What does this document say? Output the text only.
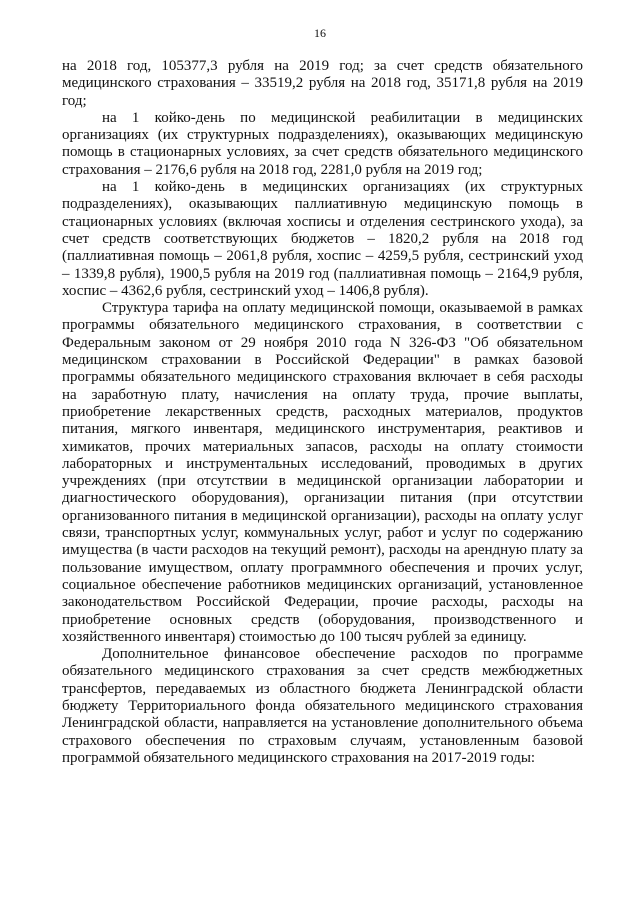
16

на 2018 год, 105377,3 рубля на 2019 год; за счет средств обязательного медицинского страхования – 33519,2 рубля на 2018 год, 35171,8 рубля на 2019 год;

на 1 койко-день по медицинской реабилитации в медицинских организациях (их структурных подразделениях), оказывающих медицинскую помощь в стационарных условиях, за счет средств обязательного медицинского страхования – 2176,6 рубля на 2018 год, 2281,0 рубля на 2019 год;

на 1 койко-день в медицинских организациях (их структурных подразделениях), оказывающих паллиативную медицинскую помощь в стационарных условиях (включая хосписы и отделения сестринского ухода), за счет средств соответствующих бюджетов – 1820,2 рубля на 2018 год (паллиативная помощь – 2061,8 рубля, хоспис – 4259,5 рубля, сестринский уход – 1339,8 рубля), 1900,5 рубля на 2019 год (паллиативная помощь – 2164,9 рубля, хоспис – 4362,6 рубля, сестринский уход – 1406,8 рубля).

Структура тарифа на оплату медицинской помощи, оказываемой в рамках программы обязательного медицинского страхования, в соответствии с Федеральным законом от 29 ноября 2010 года N 326-ФЗ "Об обязательном медицинском страховании в Российской Федерации" в рамках базовой программы обязательного медицинского страхования включает в себя расходы на заработную плату, начисления на оплату труда, прочие выплаты, приобретение лекарственных средств, расходных материалов, продуктов питания, мягкого инвентаря, медицинского инструментария, реактивов и химикатов, прочих материальных запасов, расходы на оплату стоимости лабораторных и инструментальных исследований, проводимых в других учреждениях (при отсутствии в медицинской организации лаборатории и диагностического оборудования), организации питания (при отсутствии организованного питания в медицинской организации), расходы на оплату услуг связи, транспортных услуг, коммунальных услуг, работ и услуг по содержанию имущества (в части расходов на текущий ремонт), расходы на арендную плату за пользование имуществом, оплату программного обеспечения и прочих услуг, социальное обеспечение работников медицинских организаций, установленное законодательством Российской Федерации, прочие расходы, расходы на приобретение основных средств (оборудования, производственного и хозяйственного инвентаря) стоимостью до 100 тысяч рублей за единицу.

Дополнительное финансовое обеспечение расходов по программе обязательного медицинского страхования за счет средств межбюджетных трансфертов, передаваемых из областного бюджета Ленинградской области бюджету Территориального фонда обязательного медицинского страхования Ленинградской области, направляется на установление дополнительного объема страхового обеспечения по страховым случаям, установленным базовой программой обязательного медицинского страхования на 2017-2019 годы:
